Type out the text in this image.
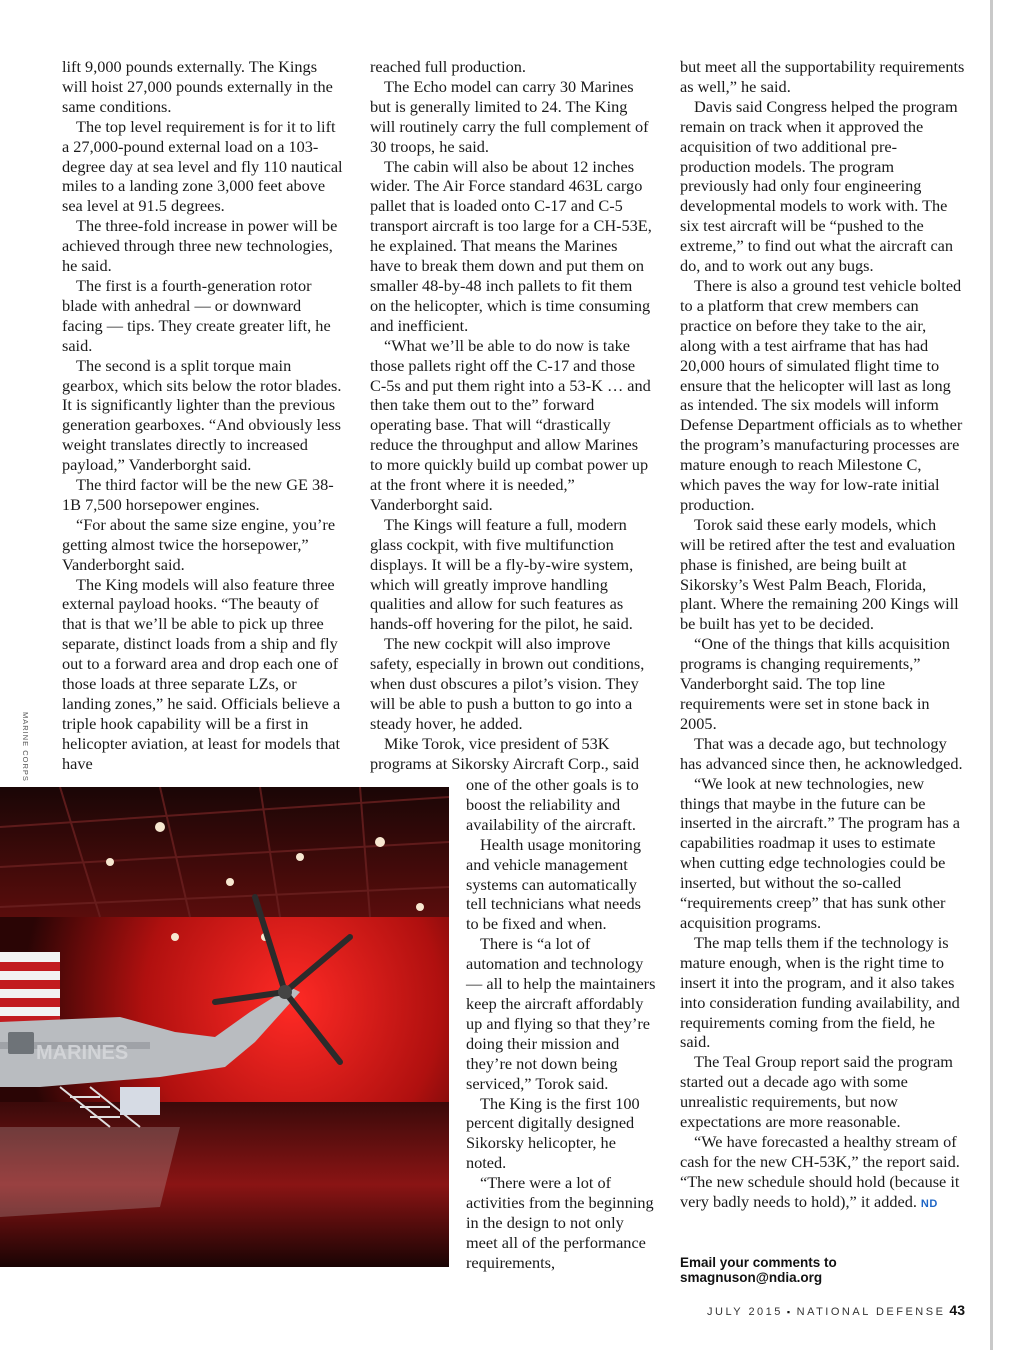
lift 9,000 pounds externally. The Kings will hoist 27,000 pounds externally in the same conditions.

The top level requirement is for it to lift a 27,000-pound external load on a 103-degree day at sea level and fly 110 nautical miles to a landing zone 3,000 feet above sea level at 91.5 degrees.

The three-fold increase in power will be achieved through three new technologies, he said.

The first is a fourth-generation rotor blade with anhedral — or downward facing — tips. They create greater lift, he said.

The second is a split torque main gearbox, which sits below the rotor blades. It is significantly lighter than the previous generation gearboxes. “And obviously less weight translates directly to increased payload,” Vanderborght said.

The third factor will be the new GE 38-1B 7,500 horsepower engines.

“For about the same size engine, you’re getting almost twice the horsepower,” Vanderborght said.

The King models will also feature three external payload hooks. “The beauty of that is that we’ll be able to pick up three separate, distinct loads from a ship and fly out to a forward area and drop each one of those loads at three separate LZs, or landing zones,” he said. Officials believe a triple hook capability will be a first in helicopter aviation, at least for models that have

reached full production.

The Echo model can carry 30 Marines but is generally limited to 24. The King will routinely carry the full complement of 30 troops, he said.

The cabin will also be about 12 inches wider. The Air Force standard 463L cargo pallet that is loaded onto C-17 and C-5 transport aircraft is too large for a CH-53E, he explained. That means the Marines have to break them down and put them on smaller 48-by-48 inch pallets to fit them on the helicopter, which is time consuming and inefficient.

“What we’ll be able to do now is take those pallets right off the C-17 and those C-5s and put them right into a 53-K … and then take them out to the” forward operating base. That will “drastically reduce the throughput and allow Marines to more quickly build up combat power up at the front where it is needed,” Vanderborght said.

The Kings will feature a full, modern glass cockpit, with five multifunction displays. It will be a fly-by-wire system, which will greatly improve handling qualities and allow for such features as hands-off hovering for the pilot, he said.

The new cockpit will also improve safety, especially in brown out conditions, when dust obscures a pilot’s vision. They will be able to push a button to go into a steady hover, he added.

Mike Torok, vice president of 53K programs at Sikorsky Aircraft Corp., said

one of the other goals is to boost the reliability and availability of the aircraft.

Health usage monitoring and vehicle management systems can automatically tell technicians what needs to be fixed and when.

There is “a lot of automation and technology — all to help the maintainers keep the aircraft affordably up and flying so that they’re doing their mission and they’re not down being serviced,” Torok said.

The King is the first 100 percent digitally designed Sikorsky helicopter, he noted.

“There were a lot of activities from the beginning in the design to not only meet all of the performance requirements,

but meet all the supportability requirements as well,” he said.

Davis said Congress helped the program remain on track when it approved the acquisition of two additional pre-production models. The program previously had only four engineering developmental models to work with. The six test aircraft will be “pushed to the extreme,” to find out what the aircraft can do, and to work out any bugs.

There is also a ground test vehicle bolted to a platform that crew members can practice on before they take to the air, along with a test airframe that has had 20,000 hours of simulated flight time to ensure that the helicopter will last as long as intended. The six models will inform Defense Department officials as to whether the program’s manufacturing processes are mature enough to reach Milestone C, which paves the way for low-rate initial production.

Torok said these early models, which will be retired after the test and evaluation phase is finished, are being built at Sikorsky’s West Palm Beach, Florida, plant. Where the remaining 200 Kings will be built has yet to be decided.

“One of the things that kills acquisition programs is changing requirements,” Vanderborght said. The top line requirements were set in stone back in 2005.

That was a decade ago, but technology has advanced since then, he acknowledged.

“We look at new technologies, new things that maybe in the future can be inserted in the aircraft.” The program has a capabilities roadmap it uses to estimate when cutting edge technologies could be inserted, but without the so-called “requirements creep” that has sunk other acquisition programs.

The map tells them if the technology is mature enough, when is the right time to insert it into the program, and it also takes into consideration funding availability, and requirements coming from the field, he said.

The Teal Group report said the program started out a decade ago with some unrealistic requirements, but now expectations are more reasonable.

“We have forecasted a healthy stream of cash for the new CH-53K,” the report said. “The new schedule should hold (because it very badly needs to hold),” it added. ND

Email your comments to smagnuson@ndia.org
MARINE CORPS
MARINES
JULY 2015 ▪ NATIONAL DEFENSE 43
